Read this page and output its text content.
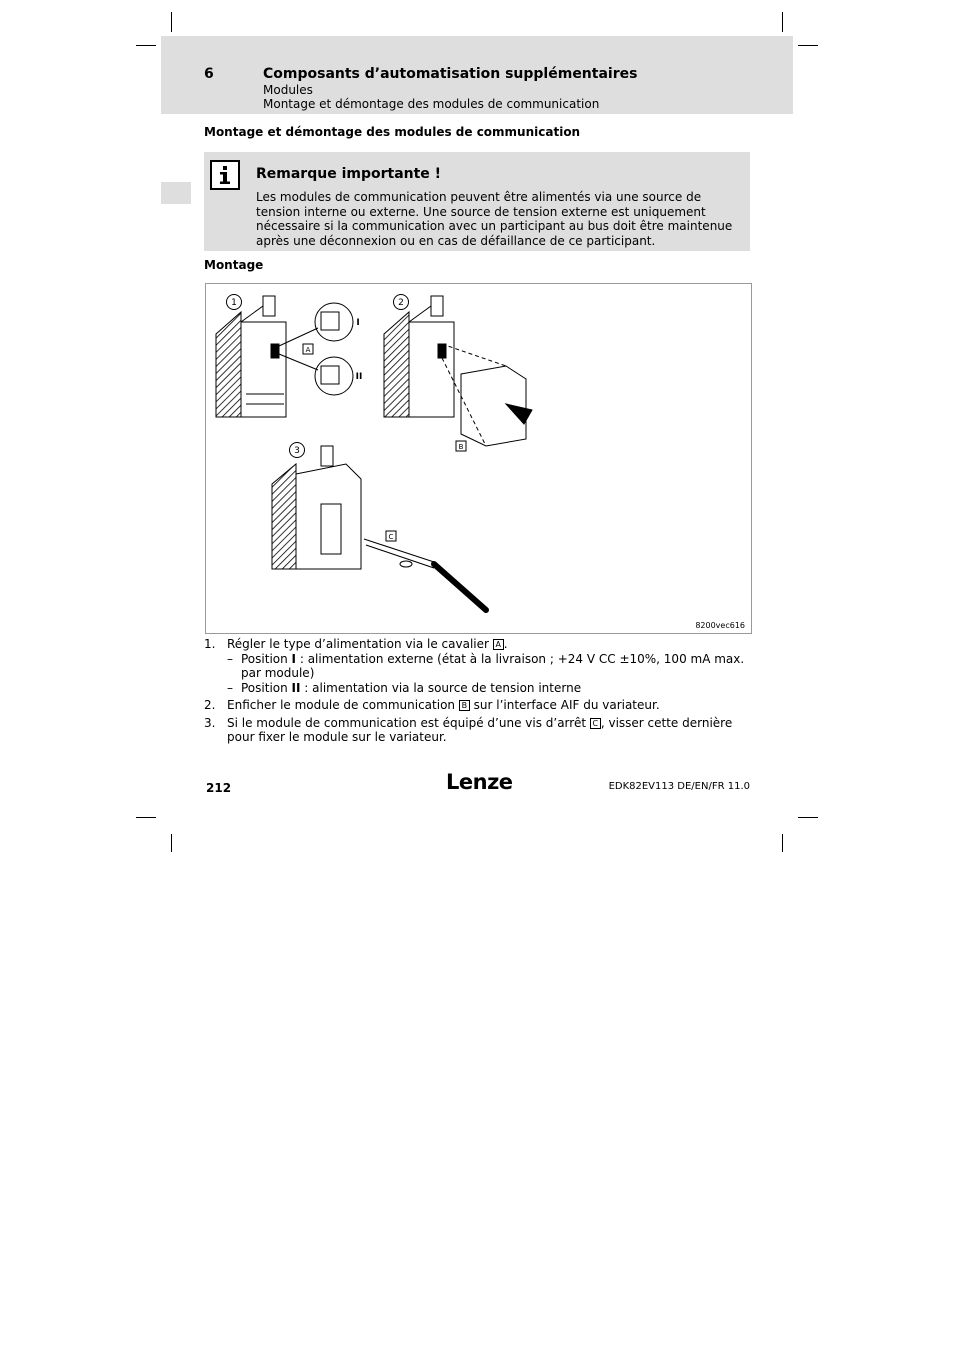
6	Composants d’automatisation supplémentaires
Modules
Montage et démontage des modules de communication
Montage et démontage des modules de communication
Remarque importante !
Les modules de communication peuvent être alimentés via une source de tension interne ou externe. Une source de tension externe est uniquement nécessaire si la communication avec un participant au bus doit être maintenue après une déconnexion ou en cas de défaillance de ce participant.
Montage
1	2
3
A
B
C
I
II
8200vec616
1. Régler le type d’alimentation via le cavalier A .
– Position I : alimentation externe (état à la livraison ; +24 V CC ±10%, 100 mA max. par module)
– Position II : alimentation via la source de tension interne
2. Enficher le module de communication B sur l’interface AIF du variateur.
3. Si le module de communication est équipé d’une vis d’arrêt C , visser cette dernière pour fixer le module sur le variateur.
212	Lenze	EDK82EV113 DE/EN/FR 11.0
